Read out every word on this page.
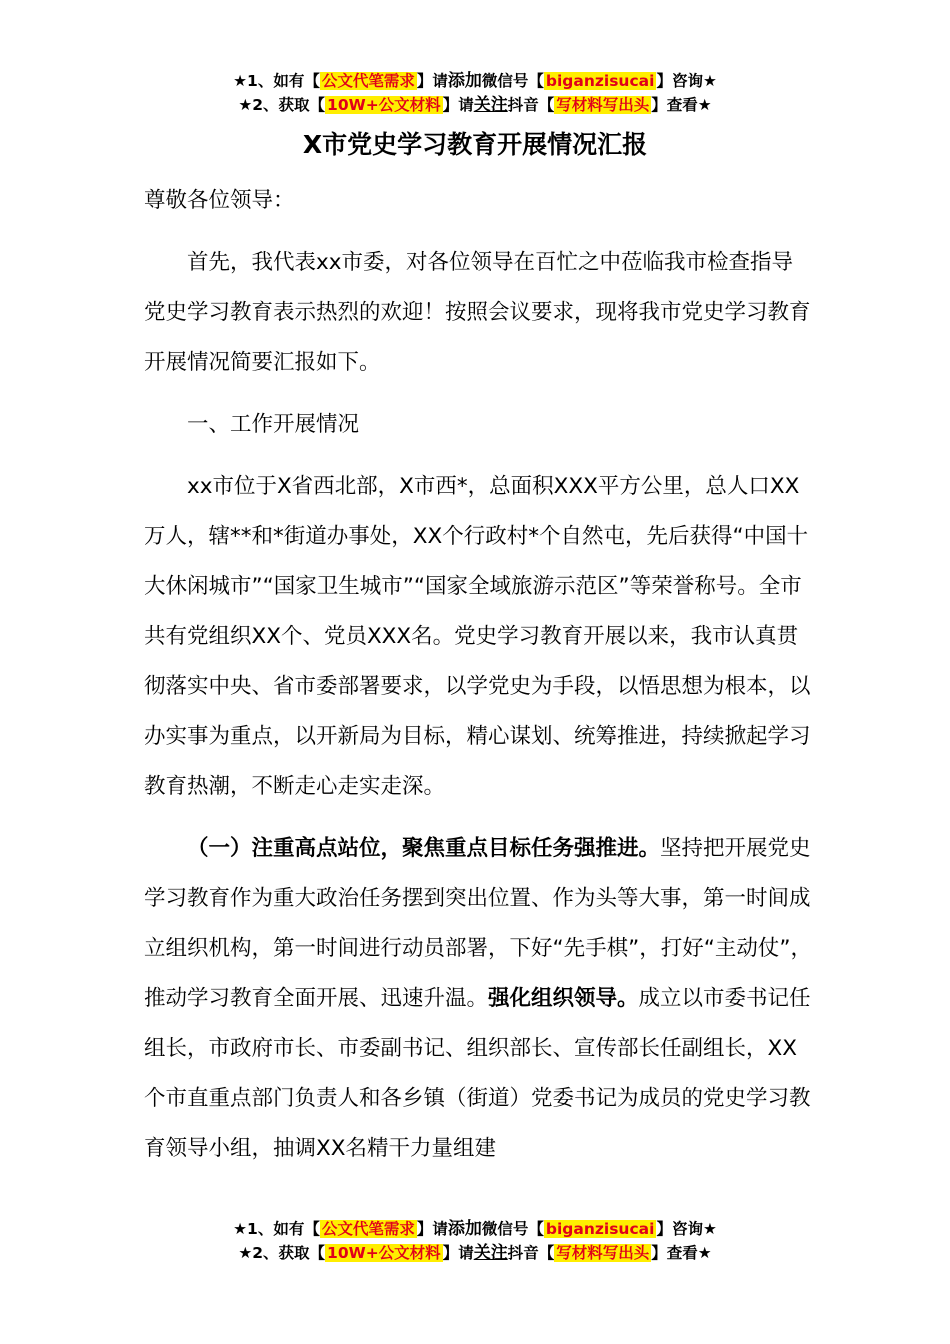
★1、如有【 公文代笔需求 】请添加微信号【 biganzisucai 】咨询★
★2、获取【 10W+公文材料 】请关注抖音【 写材料写出头 】查看★
X市党史学习教育开展情况汇报

尊敬各位领导：

首先，我代表xx市委，对各位领导在百忙之中莅临我市检查指导党史学习教育表示热烈的欢迎！按照会议要求，现将我市党史学习教育开展情况简要汇报如下。

一、工作开展情况

xx市位于X省西北部，X市西*，总面积XXX平方公里，总人口XX万人，辖**和*街道办事处，XX个行政村*个自然屯，先后获得“中国十大休闲城市”“国家卫生城市”“国家全域旅游示范区”等荣誉称号。全市共有党组织XX个、党员XXX名。党史学习教育开展以来，我市认真贯彻落实中央、省市委部署要求，以学党史为手段，以悟思想为根本，以办实事为重点，以开新局为目标，精心谋划、统筹推进，持续掀起学习教育热潮，不断走心走实走深。

（一）注重高点站位，聚焦重点目标任务强推进。坚持把开展党史学习教育作为重大政治任务摆到突出位置、作为头等大事，第一时间成立组织机构，第一时间进行动员部署，下好“先手棋”，打好“主动仗”，推动学习教育全面开展、迅速升温。强化组织领导。成立以市委书记任组长，市政府市长、市委副书记、组织部长、宣传部长任副组长，XX个市直重点部门负责人和各乡镇（街道）党委书记为成员的党史学习教育领导小组，抽调XX名精干力量组建

★1、如有【 公文代笔需求 】请添加微信号【 biganzisucai 】咨询★
★2、获取【 10W+公文材料 】请关注抖音【 写材料写出头 】查看★
